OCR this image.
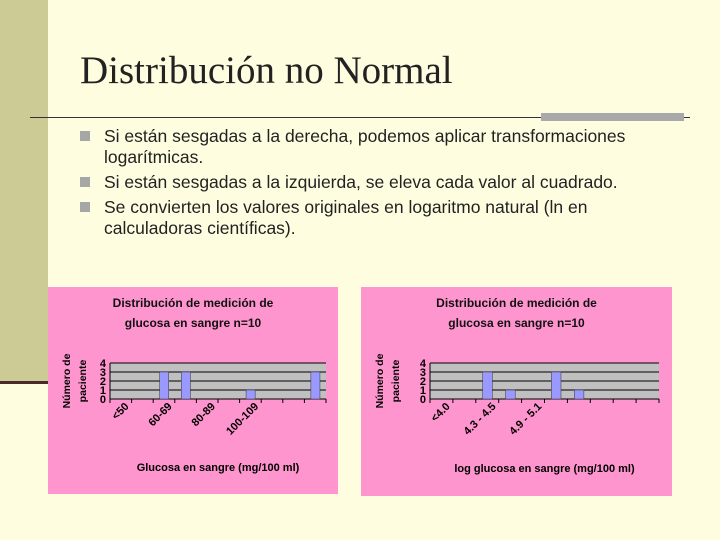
Distribución no Normal
Si están sesgadas a la derecha, podemos aplicar transformaciones logarítmicas.
Si están sesgadas a la izquierda, se eleva cada valor al cuadrado.
Se convierten los valores originales en logaritmo natural (ln en calculadoras científicas).
Distribución de medición de
glucosa en sangre n=10
0
1
2
3
4
<50 60-69 80-89 100-109
Número de paciente
Glucosa en sangre (mg/100 ml)
Distribución de medición de
glucosa en sangre n=10
0
1
2
3
4
<4.0 4.3 - 4.5 4.9 - 5.1
Número de paciente
log glucosa en sangre (mg/100 ml)
